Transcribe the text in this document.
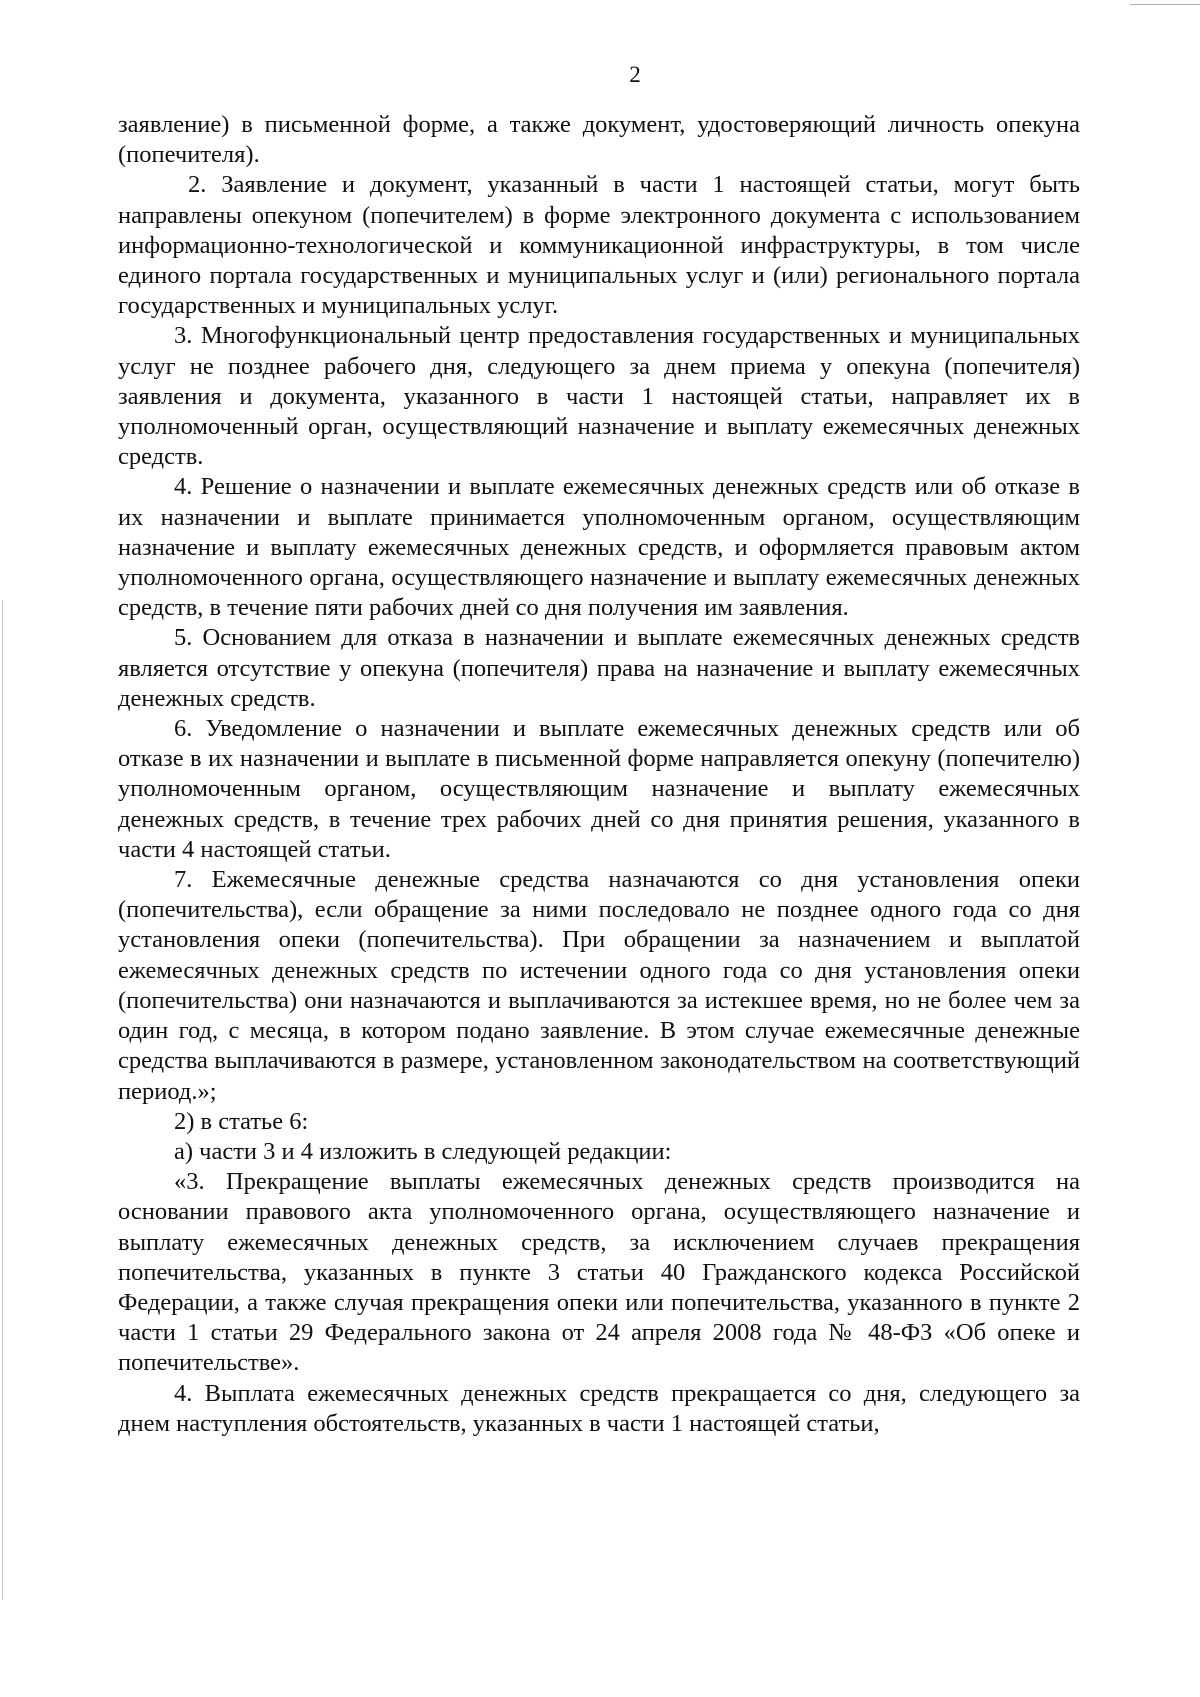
2

заявление) в письменной форме, а также документ, удостоверяющий личность опекуна (попечителя).

2. Заявление и документ, указанный в части 1 настоящей статьи, могут быть направлены опекуном (попечителем) в форме электронного документа с использованием информационно-технологической и коммуникационной инфраструктуры, в том числе единого портала государственных и муниципальных услуг и (или) регионального портала государственных и муниципальных услуг.

3. Многофункциональный центр предоставления государственных и муниципальных услуг не позднее рабочего дня, следующего за днем приема у опекуна (попечителя) заявления и документа, указанного в части 1 настоящей статьи, направляет их в уполномоченный орган, осуществляющий назначение и выплату ежемесячных денежных средств.

4. Решение о назначении и выплате ежемесячных денежных средств или об отказе в их назначении и выплате принимается уполномоченным органом, осуществляющим назначение и выплату ежемесячных денежных средств, и оформляется правовым актом уполномоченного органа, осуществляющего назначение и выплату ежемесячных денежных средств, в течение пяти рабочих дней со дня получения им заявления.

5. Основанием для отказа в назначении и выплате ежемесячных денежных средств является отсутствие у опекуна (попечителя) права на назначение и выплату ежемесячных денежных средств.

6. Уведомление о назначении и выплате ежемесячных денежных средств или об отказе в их назначении и выплате в письменной форме направляется опекуну (попечителю) уполномоченным органом, осуществляющим назначение и выплату ежемесячных денежных средств, в течение трех рабочих дней со дня принятия решения, указанного в части 4 настоящей статьи.

7. Ежемесячные денежные средства назначаются со дня установления опеки (попечительства), если обращение за ними последовало не позднее одного года со дня установления опеки (попечительства). При обращении за назначением и выплатой ежемесячных денежных средств по истечении одного года со дня установления опеки (попечительства) они назначаются и выплачиваются за истекшее время, но не более чем за один год, с месяца, в котором подано заявление. В этом случае ежемесячные денежные средства выплачиваются в размере, установленном законодательством на соответствующий период.»;

2) в статье 6:

а) части 3 и 4 изложить в следующей редакции:

«3. Прекращение выплаты ежемесячных денежных средств производится на основании правового акта уполномоченного органа, осуществляющего назначение и выплату ежемесячных денежных средств, за исключением случаев прекращения попечительства, указанных в пункте 3 статьи 40 Гражданского кодекса Российской Федерации, а также случая прекращения опеки или попечительства, указанного в пункте 2 части 1 статьи 29 Федерального закона от 24 апреля 2008 года № 48-ФЗ «Об опеке и попечительстве».

4. Выплата ежемесячных денежных средств прекращается со дня, следующего за днем наступления обстоятельств, указанных в части 1 настоящей статьи,
